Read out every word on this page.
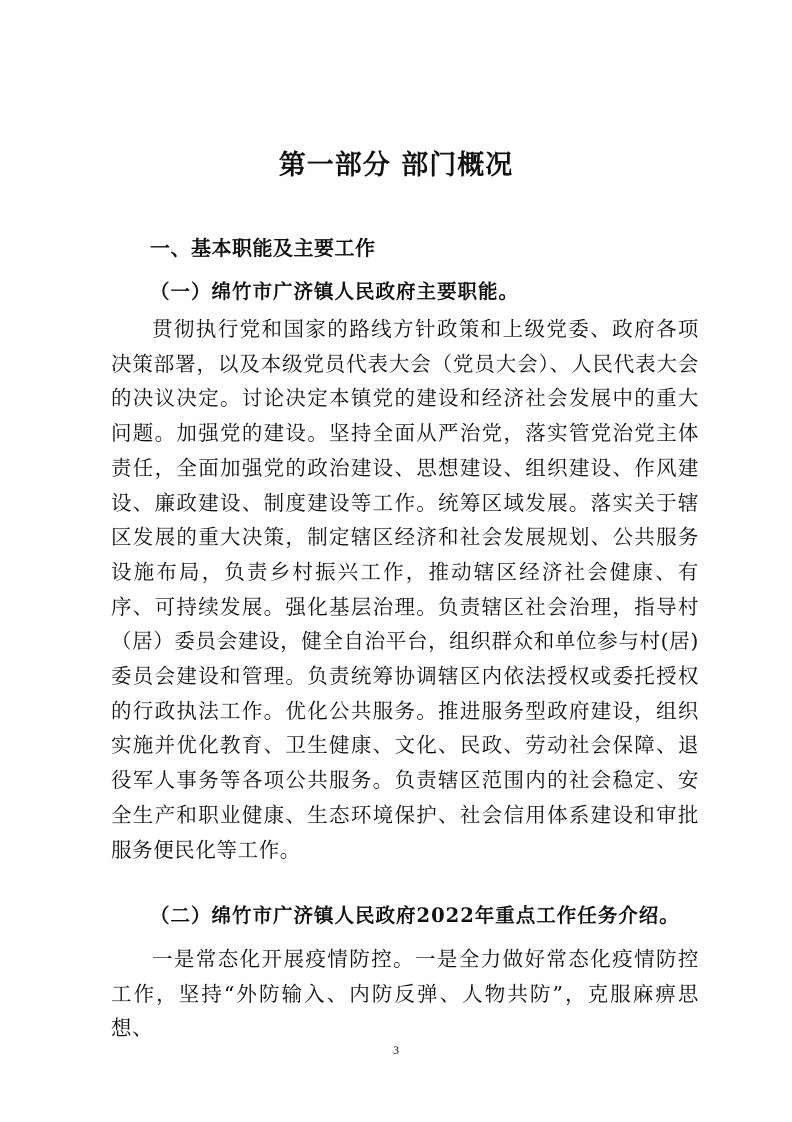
第一部分 部门概况
一、基本职能及主要工作
（一）绵竹市广济镇人民政府主要职能。
贯彻执行党和国家的路线方针政策和上级党委、政府各项决策部署，以及本级党员代表大会（党员大会）、人民代表大会的决议决定。讨论决定本镇党的建设和经济社会发展中的重大问题。加强党的建设。坚持全面从严治党，落实管党治党主体责任，全面加强党的政治建设、思想建设、组织建设、作风建设、廉政建设、制度建设等工作。统筹区域发展。落实关于辖区发展的重大决策，制定辖区经济和社会发展规划、公共服务设施布局，负责乡村振兴工作，推动辖区经济社会健康、有序、可持续发展。强化基层治理。负责辖区社会治理，指导村（居）委员会建设，健全自治平台，组织群众和单位参与村(居)委员会建设和管理。负责统筹协调辖区内依法授权或委托授权的行政执法工作。优化公共服务。推进服务型政府建设，组织实施并优化教育、卫生健康、文化、民政、劳动社会保障、退役军人事务等各项公共服务。负责辖区范围内的社会稳定、安全生产和职业健康、生态环境保护、社会信用体系建设和审批服务便民化等工作。
（二）绵竹市广济镇人民政府2022年重点工作任务介绍。
一是常态化开展疫情防控。一是全力做好常态化疫情防控工作，坚持“外防输入、内防反弹、人物共防”，克服麻痹思想、
3
